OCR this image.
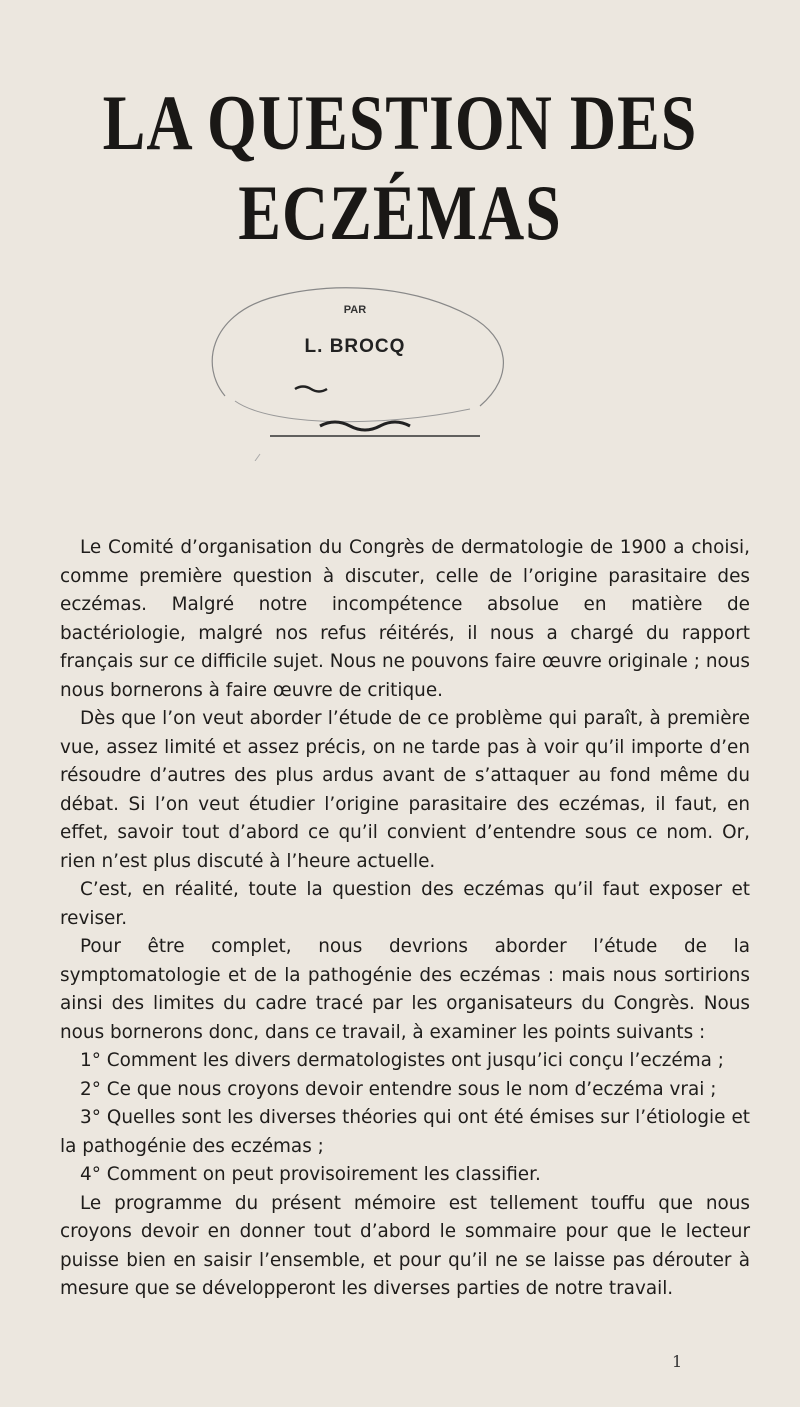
LA QUESTION DES ECZÉMAS
PAR
L. BROCQ

Le Comité d’organisation du Congrès de dermatologie de 1900 a choisi, comme première question à discuter, celle de l’origine parasitaire des eczémas. Malgré notre incompétence absolue en matière de bactériologie, malgré nos refus réitérés, il nous a chargé du rapport français sur ce difficile sujet. Nous ne pouvons faire œuvre originale ; nous nous bornerons à faire œuvre de critique.

Dès que l’on veut aborder l’étude de ce problème qui paraît, à première vue, assez limité et assez précis, on ne tarde pas à voir qu’il importe d’en résoudre d’autres des plus ardus avant de s’attaquer au fond même du débat. Si l’on veut étudier l’origine parasitaire des eczémas, il faut, en effet, savoir tout d’abord ce qu’il convient d’entendre sous ce nom. Or, rien n’est plus discuté à l’heure actuelle.

C’est, en réalité, toute la question des eczémas qu’il faut exposer et reviser.

Pour être complet, nous devrions aborder l’étude de la symptomatologie et de la pathogénie des eczémas : mais nous sortirions ainsi des limites du cadre tracé par les organisateurs du Congrès. Nous nous bornerons donc, dans ce travail, à examiner les points suivants :

1° Comment les divers dermatologistes ont jusqu’ici conçu l’eczéma ;

2° Ce que nous croyons devoir entendre sous le nom d’eczéma vrai ;

3° Quelles sont les diverses théories qui ont été émises sur l’étiologie et la pathogénie des eczémas ;

4° Comment on peut provisoirement les classifier.

Le programme du présent mémoire est tellement touffu que nous croyons devoir en donner tout d’abord le sommaire pour que le lecteur puisse bien en saisir l’ensemble, et pour qu’il ne se laisse pas dérouter à mesure que se développeront les diverses parties de notre travail.

1
